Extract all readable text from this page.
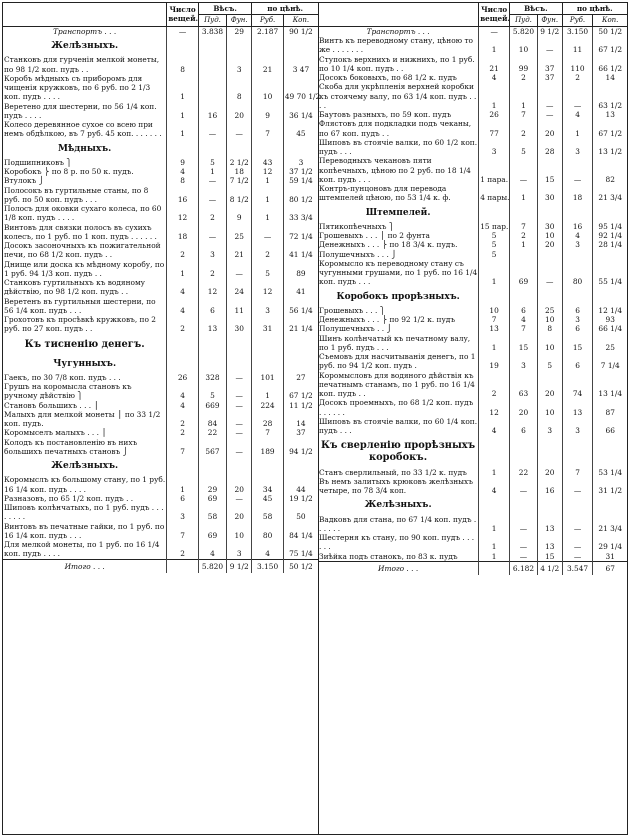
	Число вещей.	Вѣсъ.		по цѣнѣ.	
		Пуд.	Фун.	Руб.	Коп.
Транспортъ . . .	—	3.838	29	2.187	90 1/2
Желѣзныхъ.					
Станковъ для гурченія мелкой монеты, по 98 1/2 коп. пудъ . .	8		3	21	3 47
Коробъ мѣдныхъ съ приборомъ для чищенія кружковъ, по 6 руб. по 2 1/3 коп. пудъ . . . .	1		8	10	49 70 1/2
Веретено для шестерни, по 56 1/4 коп. пудъ . . . .	1	16	20	9	36 1/4
Колесо деревянное сухое со всею при немъ обдѣлкою, въ 7 руб. 45 коп. . . . . . .	1	—	—	7	45
Мѣдныхъ.					
Подшипниковъ ⎫	9	5	2 1/2	43	3
Коробокъ ⎬ по 8 р. по 50 к. пудъ.	4	1	18	12	37 1/2
Втулокъ ⎭	8	—	7 1/2	1	59 1/4
Полосокъ въ гуртильные станы, по 8 руб. по 50 коп. пудъ . . .	16	—	8 1/2	1	80 1/2
Полосъ для оковки сухаго колеса, по 60 1/8 коп. пудъ . . . .	12	2	9	1	33 3/4
Винтовъ для связки полосъ въ сухихъ колесъ, по 1 руб. по 1 коп. пудъ . . . . . .	18	—	25	—	72 1/4
Досокъ засоночныхъ къ пожигательной печи, по 68 1/2 коп. пудъ . .	2	3	21	2	41 1/4
Днище или доска къ мѣдному коробу, по 1 руб. 94 1/3 коп. пудъ . .	1	2	—	5	89
Станковъ гуртильныхъ къ водяному дѣйствію, по 98 1/2 коп. пудъ . .	4	12	24	12	41
Веретенъ въ гуртильныя шестерни, по 56 1/4 коп. пудъ . . .	4	6	11	3	56 1/4
Грохотовъ къ просѣвкѣ кружковъ, по 2 руб. по 27 коп. пудъ . .	2	13	30	31	21 1/4
Къ тисненію денегъ.					
Чугунныхъ.					
Гаекъ, по 30 7/8 коп. пудъ . . .	26	328	—	101	27
Грушъ на коромысла становъ къ ручному дѣйствію ⎫	4	5	—	1	67 1/2
Становъ большихъ . . . ⎪	4	669	—	224	11 1/2
Малыхъ для мелкой монеты ⎪ по 33 1/2 коп. пудъ.	2	84	—	28	14
Коромыселъ малыхъ . . . ⎪	2	22	—	7	37
Колодъ къ постановленію въ нихъ большихъ печатныхъ становъ ⎭	7	567	—	189	94 1/2
Желѣзныхъ.					
Коромыслъ къ большому стану, по 1 руб. 16 1/4 коп. пудъ . . . .	1	29	20	34	44
Разназовъ, по 65 1/2 коп. пудъ . .	6	69	—	45	19 1/2
Шиповъ колѣнчатыхъ, по 1 руб. пудъ . . . . . . . .	3	58	20	58	50
Винтовъ въ печатные гайки, по 1 руб. по 16 1/4 коп. пудъ . . .	7	69	10	80	84 1/4
Для мелкой монеты, по 1 руб. по 16 1/4 коп. пудъ . . . .	2	4	3	4	75 1/4
Итого . . .		5.820	9 1/2	3.150	50 1/2
	Число вещей.	Вѣсъ.		по цѣнѣ.	
		Пуд.	Фун.	Руб.	Коп.
Транспортъ . . .	—	5.820	9 1/2	3.150	50 1/2
Винтъ къ переводному стану, цѣною то же . . . . . . .	1	10	—	11	67 1/2
Ступокъ верхнихъ и нижнихъ, по 1 руб. по 10 1/4 коп. пудъ . .	21	99	37	110	66 1/2
Досокъ боковыхъ, по 68 1/2 к. пудъ	4	2	37	2	14
Скоба для укрѣпленія верхней коробки къ стоячему валу, по 63 1/4 коп. пудъ . . . .	1	1	—	—	63 1/2
Баутовъ разныхъ, по 59 коп. пудъ	26	7	—	4	13
Флястовъ для подкладки подъ чеканы, по 67 коп. пудъ . .	77	2	20	1	67 1/2
Шиповъ въ стоячіе валки, по 60 1/2 коп. пудъ . . .	3	5	28	3	13 1/2
Переводныхъ чекановъ пяти копѣечныхъ, цѣною по 2 руб. по 18 1/4 коп. пудъ . . .	1 пара.	—	15	—	82
Контръ-пунцоновъ для перевода штемпелей цѣною, по 53 1/4 к. ф.	4 пары.	1	30	18	21 3/4
Штемпелей.					
Пятикопѣечныхъ ⎫	15 пар.	7	30	16	95 1/4
Грошевыхъ . . . ⎪ по 2 фунта	5	2	10	4	92 1/4
Денежныхъ . . . ⎬ по 18 3/4 к. пудъ.	5	1	20	3	28 1/4
Полушечныхъ . . . ⎭	5				
Коромысло къ переводному стану съ чугунными грушами, по 1 руб. по 16 1/4 коп. пудъ . . .	1	69	—	80	55 1/4
Коробокъ прорѣзныхъ.					
Грошевыхъ . . . ⎫	10	6	25	6	12 1/4
Денежныхъ . . . ⎬ по 92 1/2 к. пудъ	7	4	10	3	93
Полушечныхъ . . ⎭	13	7	8	6	66 1/4
Шинъ колѣнчатый къ печатному валу, по 1 руб. пудъ . . .	1	15	10	15	25
Съемовъ для насчитыванія денегъ, по 1 руб. по 94 1/2 коп. пудъ .	19	3	5	6	7 1/4
Коромысловъ для водяного дѣйствія къ печатнымъ станамъ, по 1 руб. по 16 1/4 коп. пудъ . .	2	63	20	74	13 1/4
Досокъ проемныхъ, по 68 1/2 коп. пудъ . . . . . .	12	20	10	13	87
Шиповъ въ стоячіе валки, по 60 1/4 коп. пудъ . . .	4	6	3	3	66
Къ сверленію прорѣзныхъ коробокъ.					
Станъ сверлильный, по 33 1/2 к. пудъ	1	22	20	7	53 1/4
Въ немъ залитыхъ крюковъ желѣзныхъ четыре, по 78 3/4 коп.	4	—	16	—	31 1/2
Желѣзныхъ.					
Вадковъ для стана, по 67 1/4 коп. пудъ . . . . . .	1	—	13	—	21 3/4
Шестерня къ стану, по 90 коп. пудъ . . . . . .	1	—	13	—	29 1/4
Зиѣйка подъ станокъ, по 83 к. пудъ	1	—	15	—	31
Итого . . .		6.182	4 1/2	3.547	67
